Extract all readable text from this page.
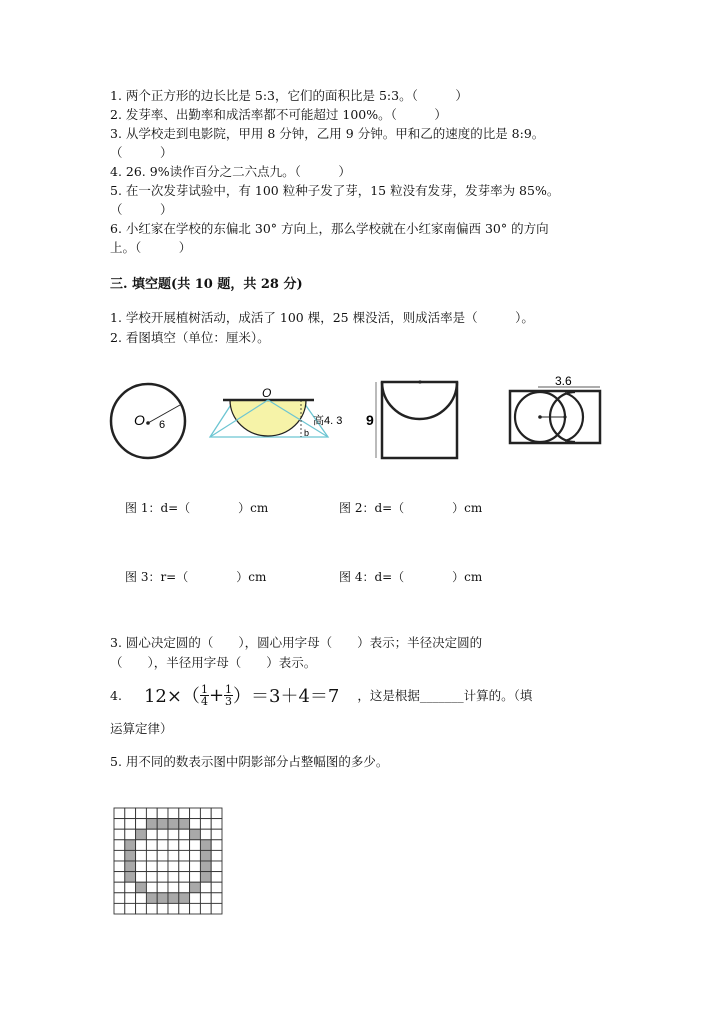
1. 两个正方形的边长比是 5:3，它们的面积比是 5:3。（　　　）
2. 发芽率、出勤率和成活率都不可能超过 100%。（　　　）
3. 从学校走到电影院，甲用 8 分钟，乙用 9 分钟。甲和乙的速度的比是 8:9。
（　　　）
4. 26. 9%读作百分之二六点九。（　　　）
5. 在一次发芽试验中，有 100 粒种子发了芽，15 粒没有发芽，发芽率为 85%。
（　　　）
6. 小红家在学校的东偏北 30° 方向上，那么学校就在小红家南偏西 30° 的方向
上。（　　　）
三. 填空题(共 10 题，共 28 分)
1. 学校开展植树活动，成活了 100 棵，25 棵没活，则成活率是（　　　）。
2. 看图填空（单位：厘米）。
O 6
O
高4. 3
b
9
3.6
图 1：d=（　　　　）cm	图 2：d=（　　　　）cm
图 3：r=（　　　　）cm	图 4：d=（　　　　）cm
3. 圆心决定圆的（　　），圆心用字母（　　）表示；半径决定圆的
（　　），半径用字母（　　）表示。
4. $12\times( \frac{1}{4} + \frac{1}{3} )=3+4=7$ ，这是根据_______计算的。（填
运算定律）
5. 用不同的数表示图中阴影部分占整幅图的多少。
